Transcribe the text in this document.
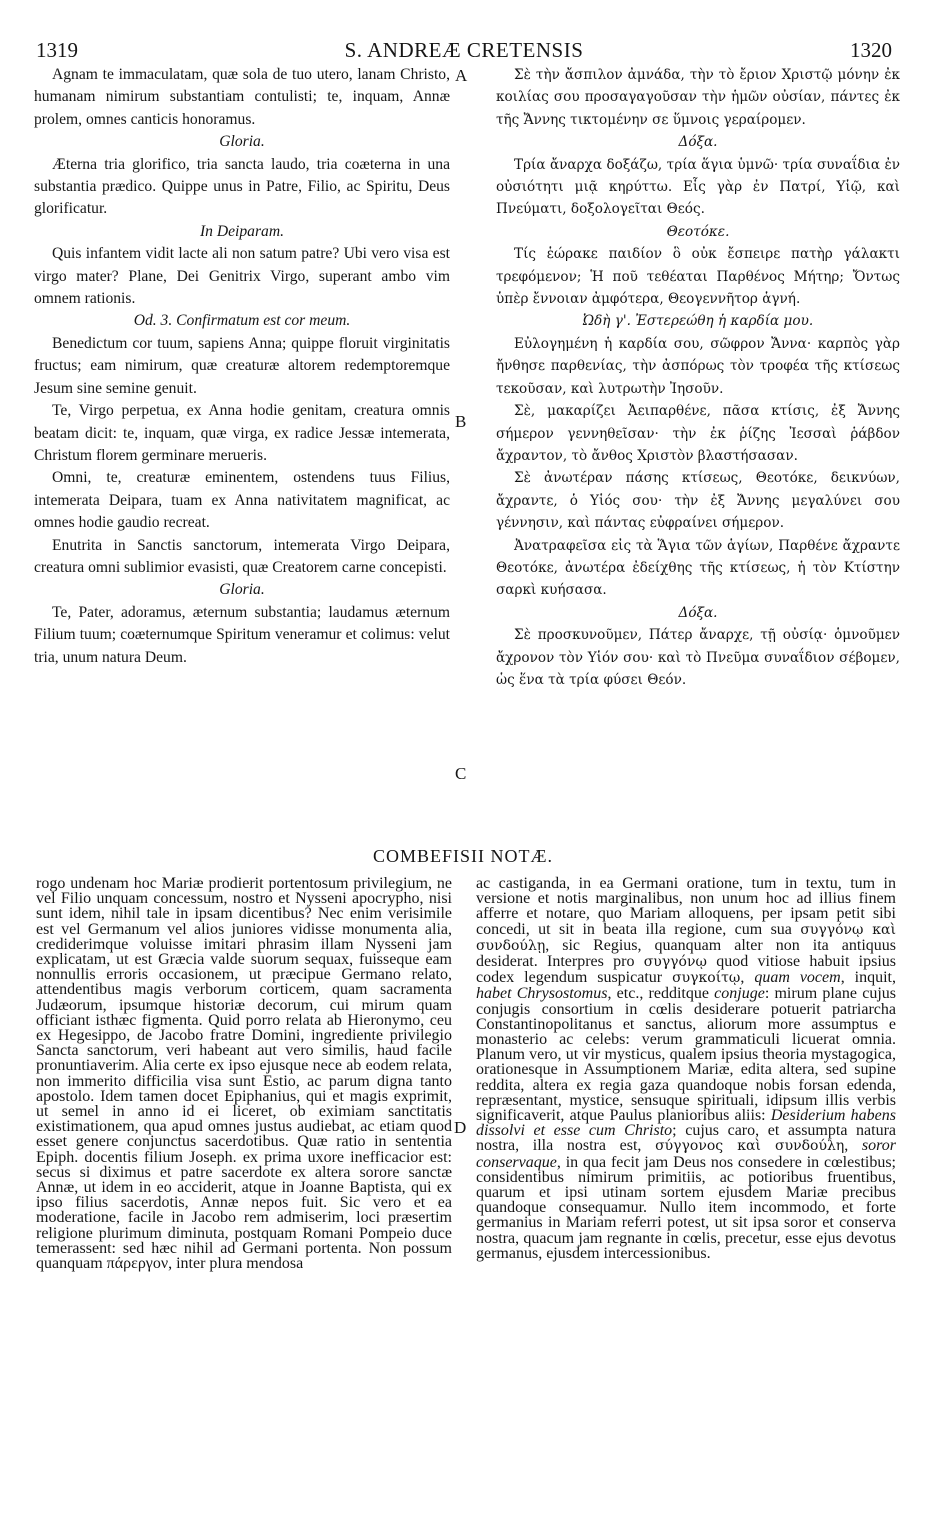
1319	S. ANDREÆ CRETENSIS	1320

Agnam te immaculatam, quæ sola de tuo utero, lanam Christo, humanam nimirum substantiam contulisti; te, inquam, Annæ prolem, omnes canticis honoramus.

Gloria.

Æterna tria glorifico, tria sancta laudo, tria coæterna in una substantia prædico. Quippe unus in Patre, Filio, ac Spiritu, Deus glorificatur.

In Deiparam.

Quis infantem vidit lacte ali non satum patre? Ubi vero visa est virgo mater? Plane, Dei Genitrix Virgo, superant ambo vim omnem rationis.

Od. 3. Confirmatum est cor meum.

Benedictum cor tuum, sapiens Anna; quippe floruit virginitatis fructus; eam nimirum, quæ creaturæ altorem redemptoremque Jesum sine semine genuit.

Te, Virgo perpetua, ex Anna hodie genitam, creatura omnis beatam dicit: te, inquam, quæ virga, ex radice Jessæ intemerata, Christum florem germinare merueris.

Omni, te, creaturæ eminentem, ostendens tuus Filius, intemerata Deipara, tuam ex Anna nativitatem magnificat, ac omnes hodie gaudio recreat.

Enutrita in Sanctis sanctorum, intemerata Virgo Deipara, creatura omni sublimior evasisti, quæ Creatorem carne concepisti.

Gloria.

Te, Pater, adoramus, æternum substantia; laudamus æternum Filium tuum; coæternumque Spiritum veneramur et colimus: velut tria, unum natura Deum.

A
B
C

Σὲ τὴν ἄσπιλον ἀμνάδα, τὴν τὸ ἔριον Χριστῷ μόνην ἐκ κοιλίας σου προσαγαγοῦσαν τὴν ἡμῶν οὐσίαν, πάντες ἐκ τῆς Ἄννης τικτομένην σε ὕμνοις γεραίρομεν.

Δόξα.

Τρία ἄναρχα δοξάζω, τρία ἅγια ὑμνῶ· τρία συναΐδια ἐν οὐσιότητι μιᾷ κηρύττω. Εἷς γὰρ ἐν Πατρί, Υἱῷ, καὶ Πνεύματι, δοξολογεῖται Θεός.

Θεοτόκε.

Τίς ἑώρακε παιδίον ὃ οὐκ ἔσπειρε πατὴρ γάλακτι τρεφόμενον; Ἡ ποῦ τεθέαται Παρθένος Μήτηρ; Ὄντως ὑπὲρ ἔννοιαν ἀμφότερα, Θεογεννῆτορ ἁγνή.

Ὠδὴ γ'. Ἐστερεώθη ἡ καρδία μου.

Εὐλογημένη ἡ καρδία σου, σῶφρον Ἄννα· καρπὸς γὰρ ἤνθησε παρθενίας, τὴν ἀσπόρως τὸν τροφέα τῆς κτίσεως τεκοῦσαν, καὶ λυτρωτὴν Ἰησοῦν.

Σὲ, μακαρίζει Ἀειπαρθένε, πᾶσα κτίσις, ἐξ Ἄννης σήμερον γεννηθεῖσαν· τὴν ἐκ ῥίζης Ἰεσσαὶ ῥάβδον ἄχραντον, τὸ ἄνθος Χριστὸν βλαστήσασαν.

Σὲ ἀνωτέραν πάσης κτίσεως, Θεοτόκε, δεικνύων, ἄχραντε, ὁ Υἱός σου· τὴν ἐξ Ἄννης μεγαλύνει σου γέννησιν, καὶ πάντας εὐφραίνει σήμερον.

Ἀνατραφεῖσα εἰς τὰ Ἅγια τῶν ἁγίων, Παρθένε ἄχραντε Θεοτόκε, ἀνωτέρα ἐδείχθης τῆς κτίσεως, ἡ τὸν Κτίστην σαρκὶ κυήσασα.

Δόξα.

Σὲ προσκυνοῦμεν, Πάτερ ἄναρχε, τῇ οὐσίᾳ· ὁμνοῦμεν ἄχρονον τὸν Υἱόν σου· καὶ τὸ Πνεῦμα συναΐδιον σέβομεν, ὡς ἕνα τὰ τρία φύσει Θεόν.

COMBEFISII NOTÆ.

rogo undenam hoc Mariæ prodierit portentosum privilegium, ne vel Filio unquam concessum, nostro et Nysseni apocrypho, nisi sunt idem, nihil tale in ipsam dicentibus? Nec enim verisimile est vel Germanum vel alios juniores vidisse monumenta alia, crediderimque voluisse imitari phrasim illam Nysseni jam explicatam, ut est Græcia valde suorum sequax, fuisseque eam nonnullis erroris occasionem, ut præcipue Germano relato, attendentibus magis verborum corticem, quam sacramenta Judæorum, ipsumque historiæ decorum, cui mirum quam officiant isthæc figmenta. Quid porro relata ab Hieronymo, ceu ex Hegesippo, de Jacobo fratre Domini, ingrediente privilegio Sancta sanctorum, veri habeant aut vero similis, haud facile pronuntiaverim. Alia certe ex ipso ejusque nece ab eodem relata, non immerito difficilia visa sunt Estio, ac parum digna tanto apostolo. Idem tamen docet Epiphanius, qui et magis exprimit, ut semel in anno id ei liceret, ob eximiam sanctitatis existimationem, qua apud omnes justus audiebat, ac etiam quod esset genere conjunctus sacerdotibus. Quæ ratio in sententia Epiph. docentis filium Joseph. ex prima uxore inefficacior est: secus si diximus et patre sacerdote ex altera sorore sanctæ Annæ, ut idem in eo acciderit, atque in Joanne Baptista, qui ex ipso filius sacerdotis, Annæ nepos fuit. Sic vero et ea moderatione, facile in Jacobo rem admiserim, loci præsertim religione plurimum diminuta, postquam Romani Pompeio duce temerassent: sed hæc nihil ad Germani portenta. Non possum quanquam πάρεργον, inter plura mendosa

D

ac castiganda, in ea Germani oratione, tum in textu, tum in versione et notis marginalibus, non unum hoc ad illius finem afferre et notare, quo Mariam alloquens, per ipsam petit sibi concedi, ut sit in beata illa regione, cum sua συγγόνῳ καὶ συνδούλῃ, sic Regius, quanquam alter non ita antiquus desiderat. Interpres pro συγγόνῳ quod vitiose habuit ipsius codex legendum suspicatur συγκοίτῳ, quam vocem, inquit, habet Chrysostomus, etc., redditque conjuge: mirum plane cujus conjugis consortium in cœlis desiderare potuerit patriarcha Constantinopolitanus et sanctus, aliorum more assumptus e monasterio ac celebs: verum grammaticuli licuerat omnia. Planum vero, ut vir mysticus, qualem ipsius theoria mystagogica, orationesque in Assumptionem Mariæ, edita altera, sed supine reddita, altera ex regia gaza quandoque nobis forsan edenda, repræsentant, mystice, sensuque spirituali, idipsum illis verbis significaverit, atque Paulus planioribus aliis: Desiderium habens dissolvi et esse cum Christo; cujus caro, et assumpta natura nostra, illa nostra est, σύγγονος καὶ συνδούλη, soror conservaque, in qua fecit jam Deus nos consedere in cœlestibus; considentibus nimirum primitiis, ac potioribus fruentibus, quarum et ipsi utinam sortem ejusdem Mariæ precibus quandoque consequamur. Nullo item incommodo, et forte germanius in Mariam referri potest, ut sit ipsa soror et conserva nostra, quacum jam regnante in cœlis, precetur, esse ejus devotus germanus, ejusdem intercessionibus.
